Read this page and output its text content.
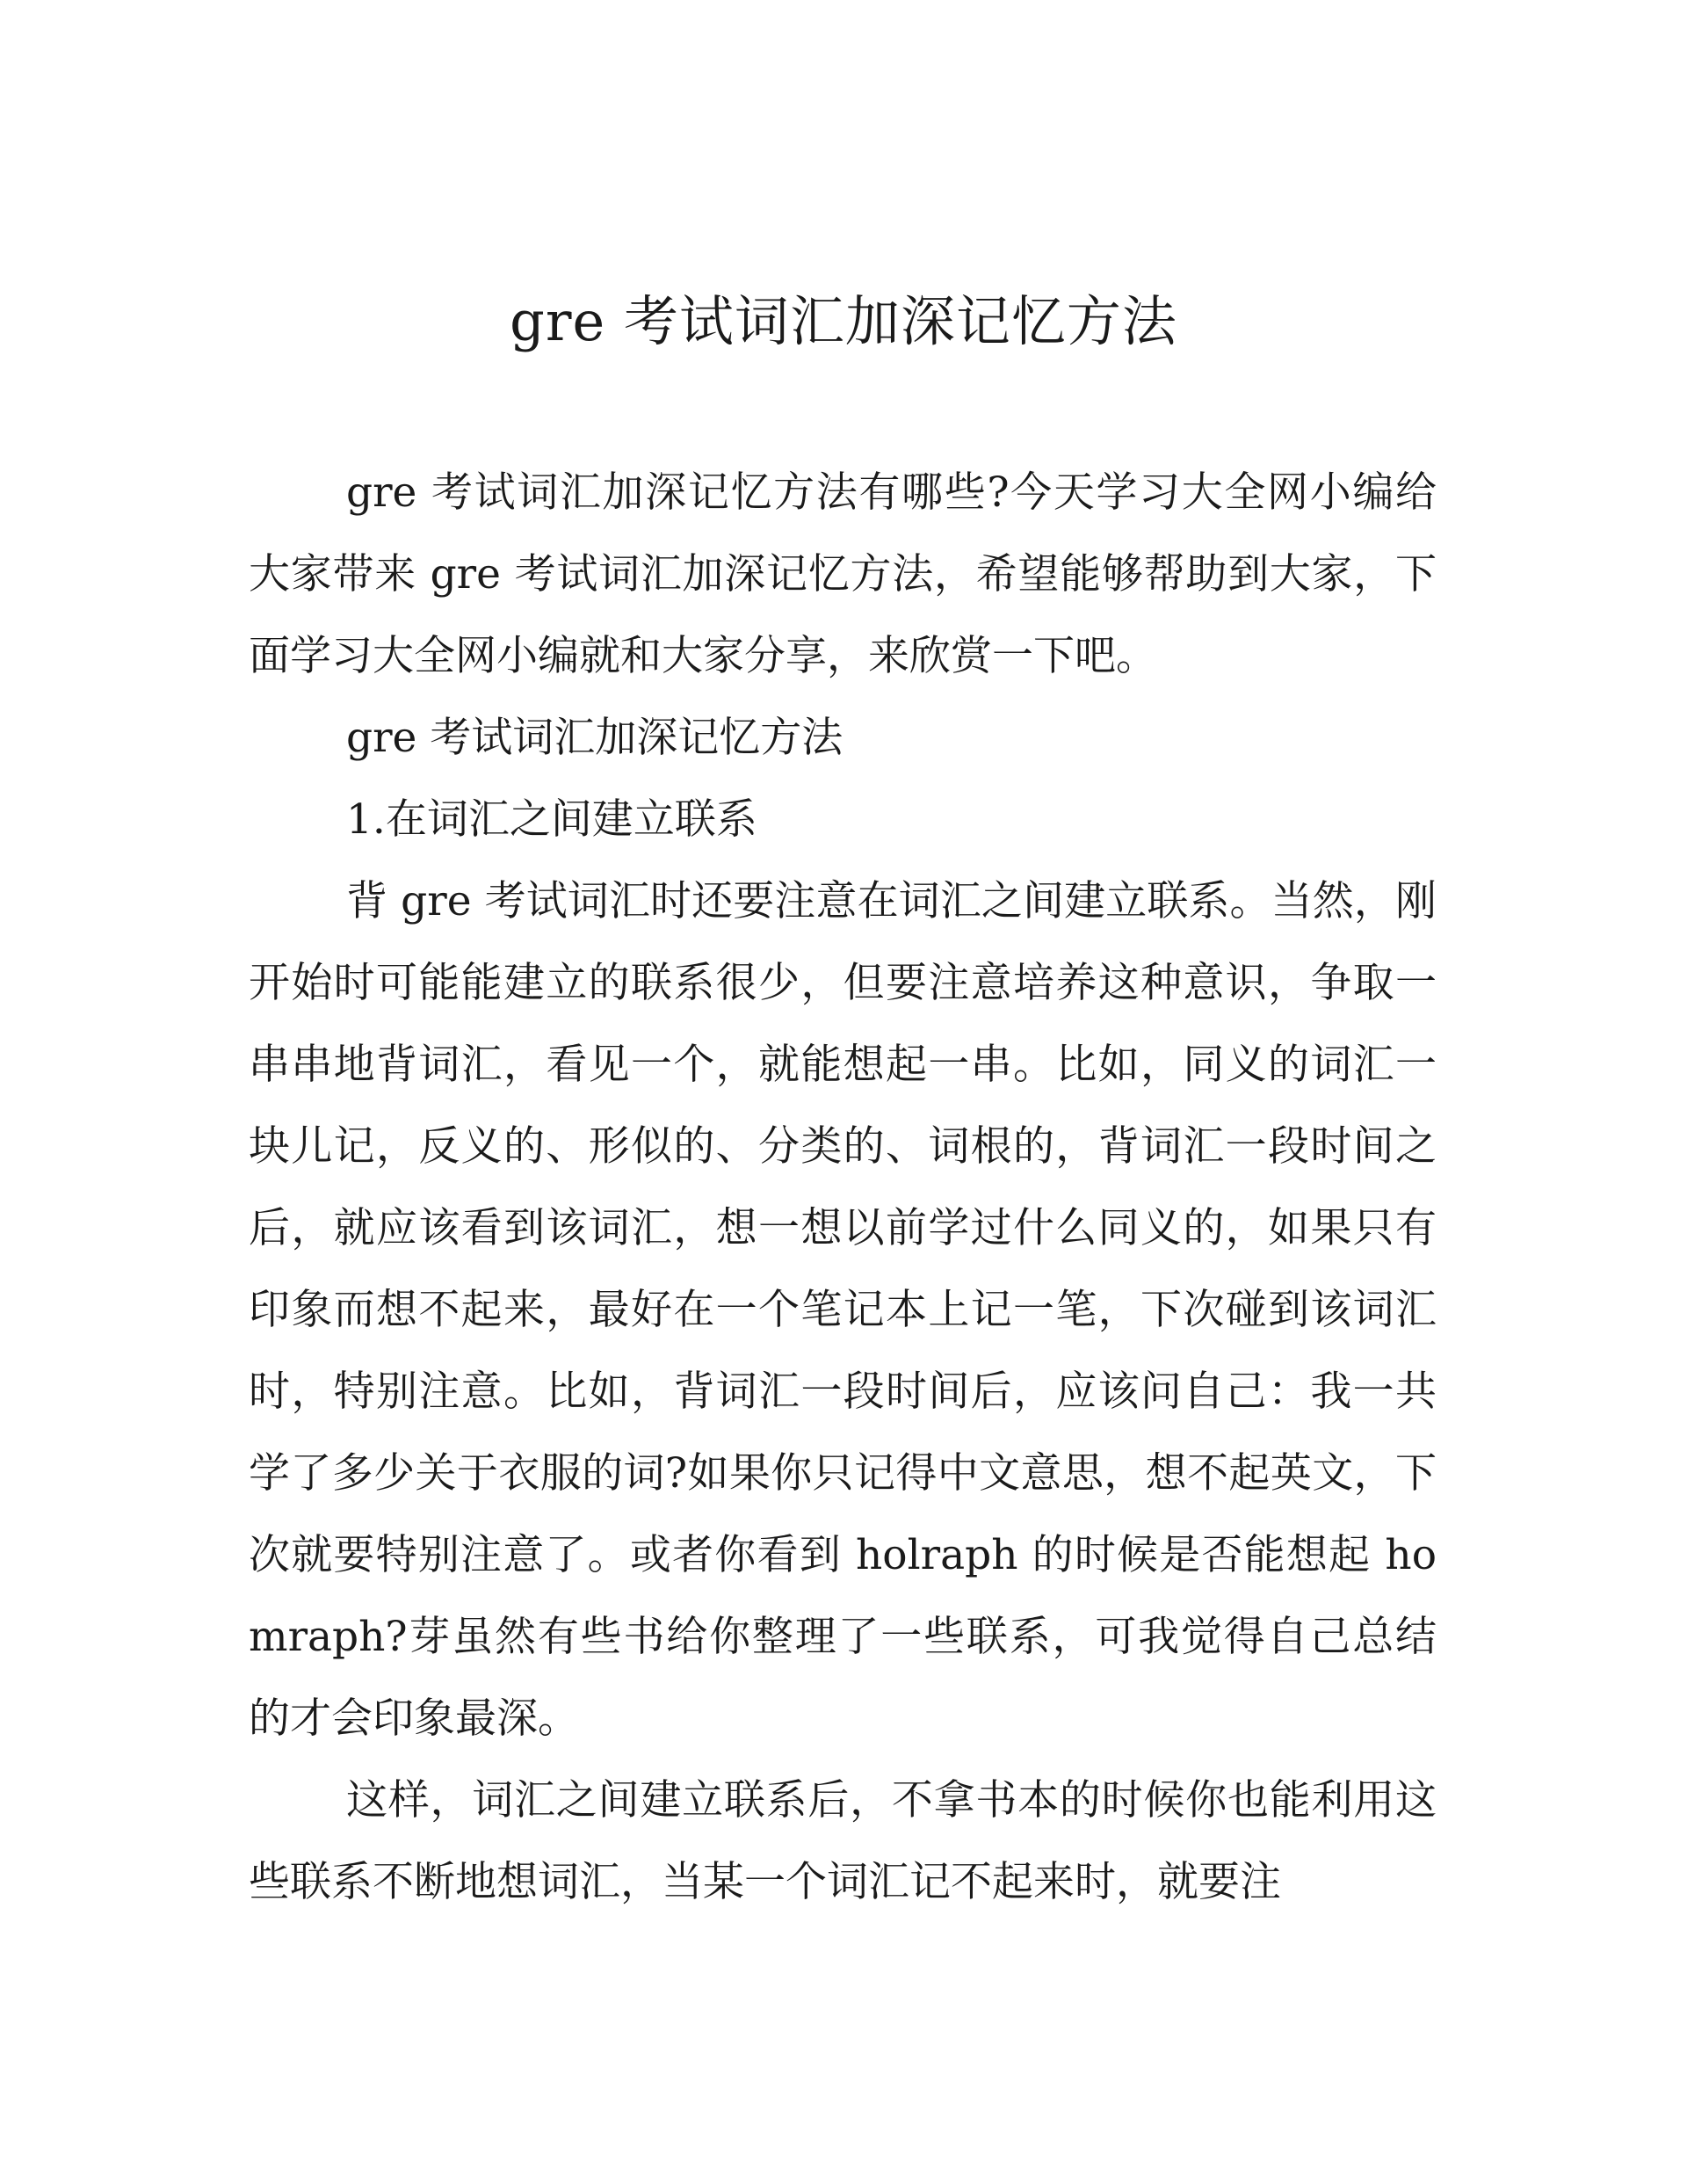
gre 考试词汇加深记忆方法

gre 考试词汇加深记忆方法有哪些?今天学习大全网小编给大家带来 gre 考试词汇加深记忆方法，希望能够帮助到大家，下面学习大全网小编就和大家分享，来欣赏一下吧。

gre 考试词汇加深记忆方法

1.在词汇之间建立联系

背 gre 考试词汇时还要注意在词汇之间建立联系。当然，刚开始时可能能建立的联系很少，但要注意培养这种意识，争取一串串地背词汇，看见一个，就能想起一串。比如，同义的词汇一块儿记，反义的、形似的、分类的、词根的，背词汇一段时间之后，就应该看到该词汇，想一想以前学过什么同义的，如果只有印象而想不起来，最好在一个笔记本上记一笔，下次碰到该词汇时，特别注意。比如，背词汇一段时间后，应该问自己：我一共学了多少关于衣服的词?如果你只记得中文意思，想不起英文，下次就要特别注意了。或者你看到 holraph 的时候是否能想起 homraph?芽虽然有些书给你整理了一些联系，可我觉得自己总结的才会印象最深。

这样，词汇之间建立联系后，不拿书本的时候你也能利用这些联系不断地想词汇，当某一个词汇记不起来时，就要注
